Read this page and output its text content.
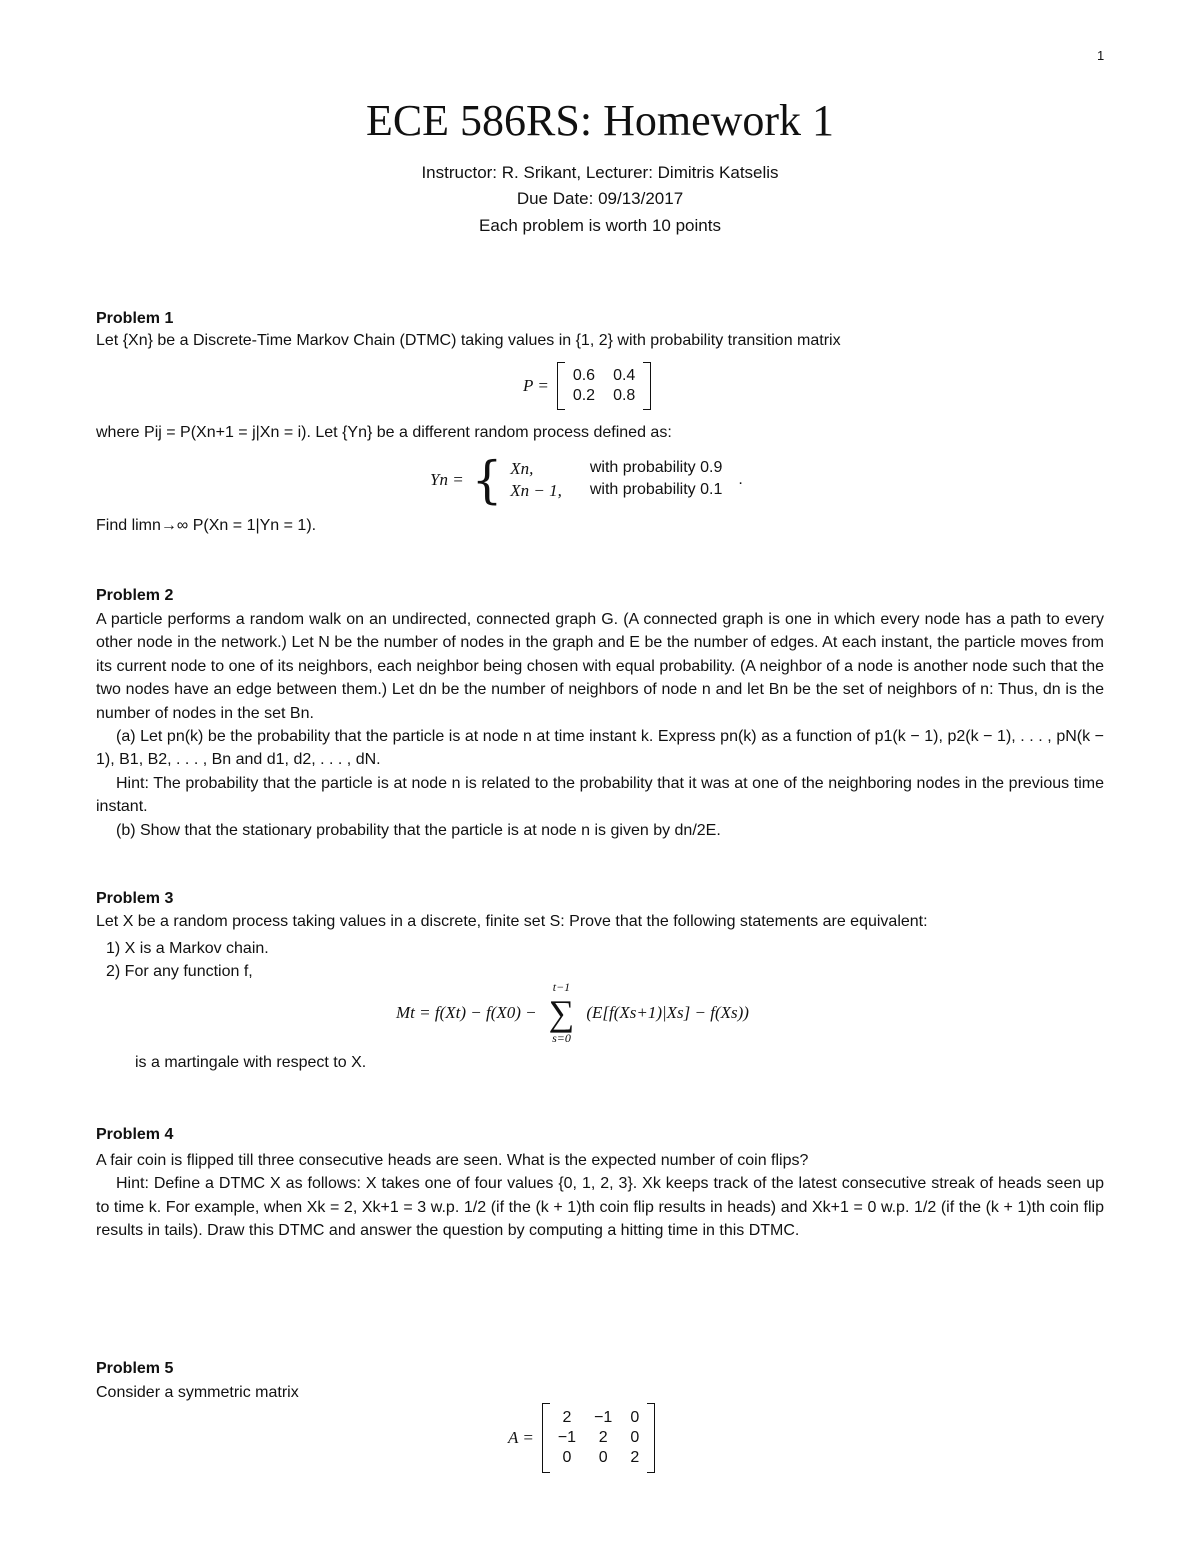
1
ECE 586RS: Homework 1
Instructor: R. Srikant, Lecturer: Dimitris Katselis
Due Date: 09/13/2017
Each problem is worth 10 points
Problem 1
Let {Xn} be a Discrete-Time Markov Chain (DTMC) taking values in {1, 2} with probability transition matrix
P =
0.6 0.4
0.2 0.8
where Pij = P(Xn+1 = j|Xn = i). Let {Yn} be a different random process defined as:
Yn = { Xn,	with probability 0.9
Xn − 1, with probability 0.1
.
Find limn→∞ P(Xn = 1|Yn = 1).
Problem 2

A particle performs a random walk on an undirected, connected graph G. (A connected graph is one in which every node has a path to every other node in the network.) Let N be the number of nodes in the graph and E be the number of edges. At each instant, the particle moves from its current node to one of its neighbors, each neighbor being chosen with equal probability. (A neighbor of a node is another node such that the two nodes have an edge between them.) Let dn be the number of neighbors of node n and let Bn be the set of neighbors of n: Thus, dn is the number of nodes in the set Bn.

(a) Let pn(k) be the probability that the particle is at node n at time instant k. Express pn(k) as a function of p1(k − 1), p2(k − 1), . . . , pN(k − 1), B1, B2, . . . , Bn and d1, d2, . . . , dN.

Hint: The probability that the particle is at node n is related to the probability that it was at one of the neighboring nodes in the previous time instant.

(b) Show that the stationary probability that the particle is at node n is given by dn/2E.

Problem 3
Let X be a random process taking values in a discrete, finite set S: Prove that the following statements are equivalent:
1) X is a Markov chain.
2) For any function f,
Mt = f(Xt) − f(X0) −
t−1
∑
s=0
(E[f(Xs+1)|Xs] − f(Xs))
is a martingale with respect to X.
Problem 4

A fair coin is flipped till three consecutive heads are seen. What is the expected number of coin flips?

Hint: Define a DTMC X as follows: X takes one of four values {0, 1, 2, 3}. Xk keeps track of the latest consecutive streak of heads seen up to time k. For example, when Xk = 2, Xk+1 = 3 w.p. 1/2 (if the (k + 1)th coin flip results in heads) and Xk+1 = 0 w.p. 1/2 (if the (k + 1)th coin flip results in tails). Draw this DTMC and answer the question by computing a hitting time in this DTMC.

Problem 5
Consider a symmetric matrix
A =
2 −1 0
−1 2 0
0 0 2
